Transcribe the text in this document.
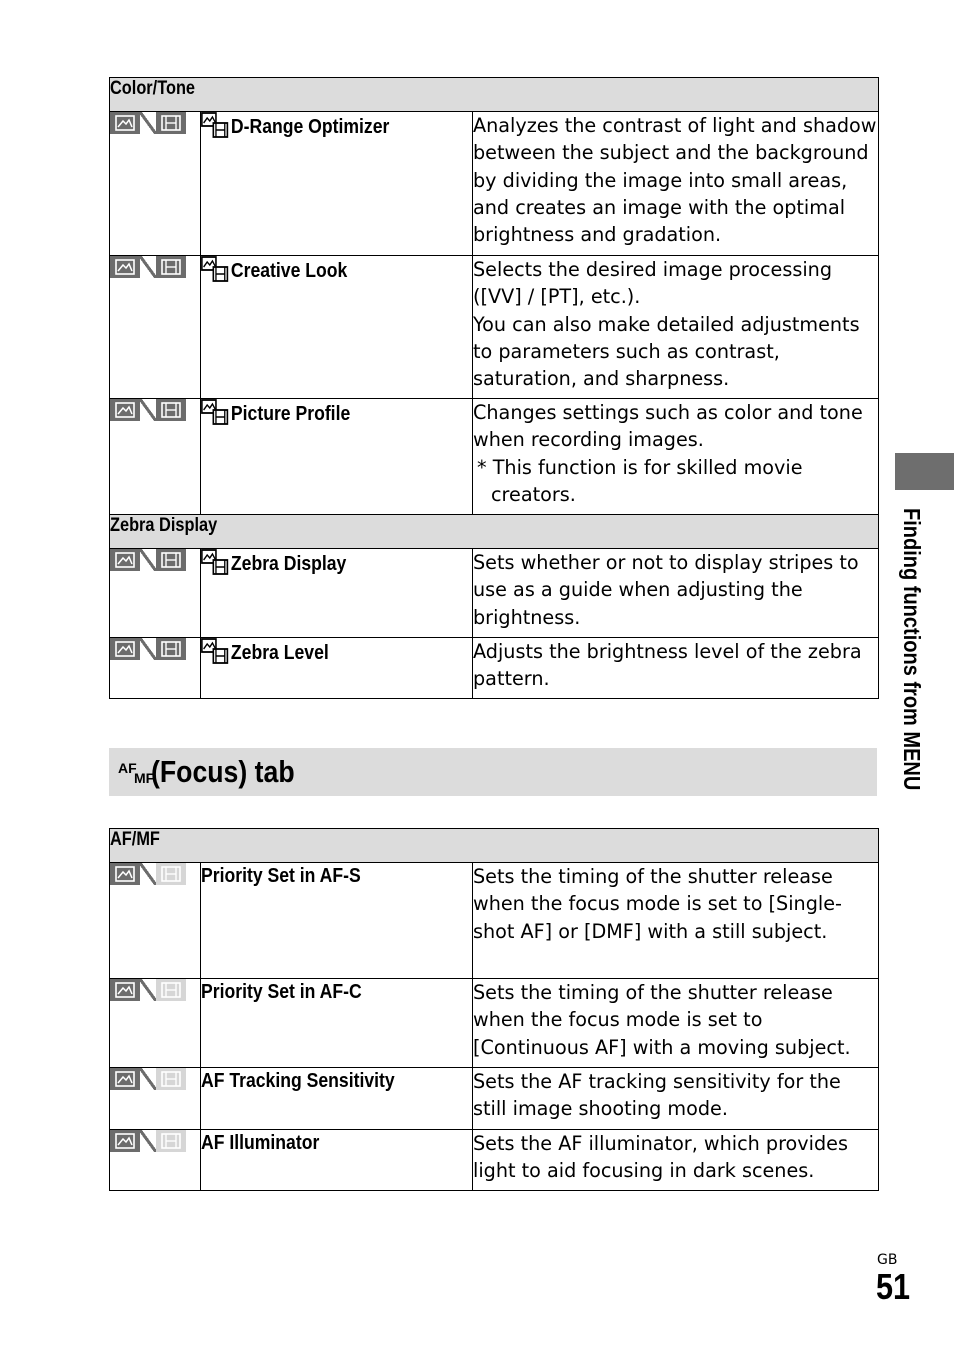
Color/Tone		

	D-Range Optimizer	Analyzes the contrast of light and shadow between the subject and the background by dividing the image into small areas, and creates an image with the optimal brightness and gradation.

	Creative Look	Selects the desired image processing ([VV] / [PT], etc.).
You can also make detailed adjustments to parameters such as contrast, saturation, and sharpness.

	Picture Profile	Changes settings such as color and tone when recording images.
* This function is for skilled movie creators.

Zebra Display		

	Zebra Display	Sets whether or not to display stripes to use as a guide when adjusting the brightness.

	Zebra Level	Adjusts the brightness level of the zebra pattern.
AF
MF
(Focus) tab
AF/MF		

	Priority Set in AF-S	Sets the timing of the shutter release when the focus mode is set to [Single-shot AF] or [DMF] with a still subject.

	Priority Set in AF-C	Sets the timing of the shutter release when the focus mode is set to [Continuous AF] with a moving subject.

	AF Tracking Sensitivity	Sets the AF tracking sensitivity for the still image shooting mode.

	AF Illuminator	Sets the AF illuminator, which provides light to aid focusing in dark scenes.
Finding functions from MENU
GB
51
